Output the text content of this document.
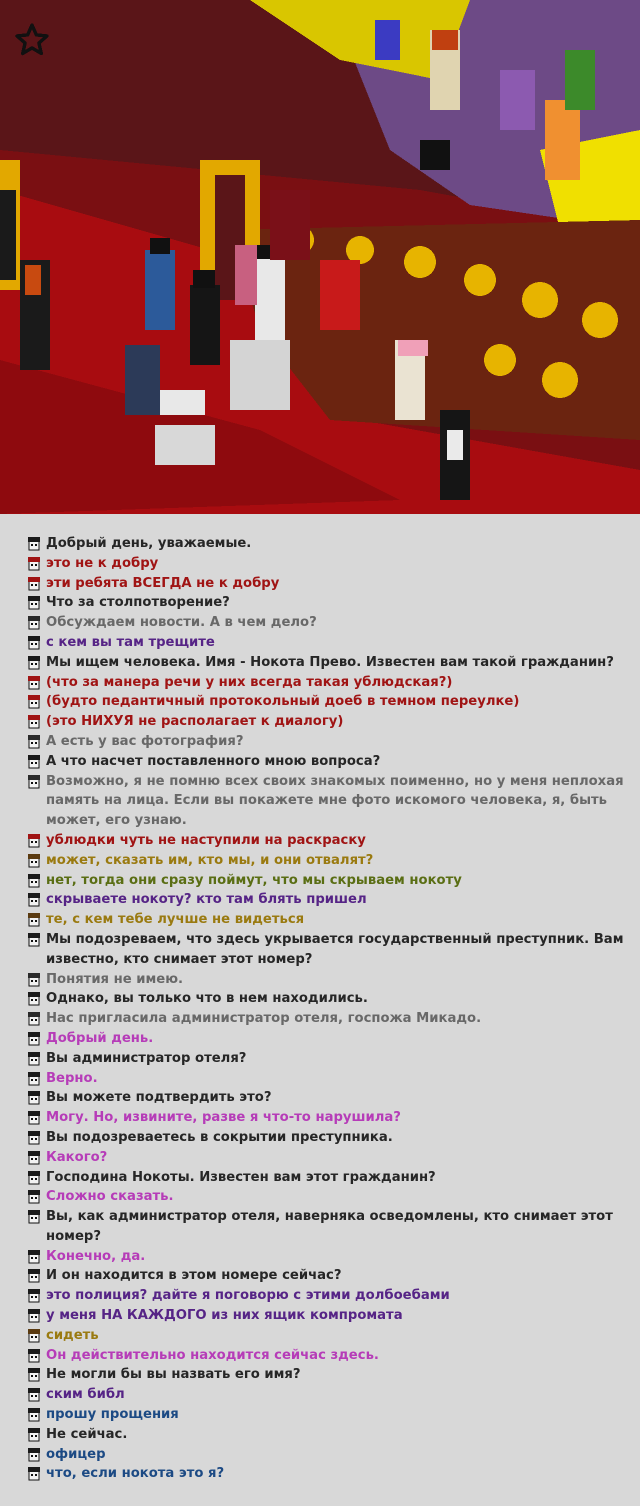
Добрый день, уважаемые.
это не к добру
эти ребята ВСЕГДА не к добру
Что за столпотворение?
Обсуждаем новости. А в чем дело?
с кем вы там трещите
Мы ищем человека. Имя - Нокота Прево. Известен вам такой гражданин?
(что за манера речи у них всегда такая ублюдская?)
(будто педантичный протокольный доеб в темном переулке)
(это НИХУЯ не располагает к диалогу)
А есть у вас фотография?
А что насчет поставленного мною вопроса?
Возможно, я не помню всех своих знакомых поименно, но у меня неплохая память на лица. Если вы покажете мне фото искомого человека, я, быть может, его узнаю.
ублюдки чуть не наступили на раскраску
может, сказать им, кто мы, и они отвалят?
нет, тогда они сразу поймут, что мы скрываем нокоту
скрываете нокоту? кто там блять пришел
те, с кем тебе лучше не видеться
Мы подозреваем, что здесь укрывается государственный преступник. Вам известно, кто снимает этот номер?
Понятия не имею.
Однако, вы только что в нем находились.
Нас пригласила администратор отеля, госпожа Микадо.
Добрый день.
Вы администратор отеля?
Верно.
Вы можете подтвердить это?
Могу. Но, извините, разве я что-то нарушила?
Вы подозреваетесь в сокрытии преступника.
Какого?
Господина Нокоты. Известен вам этот гражданин?
Сложно сказать.
Вы, как администратор отеля, наверняка осведомлены, кто снимает этот номер?
Конечно, да.
И он находится в этом номере сейчас?
это полиция? дайте я поговорю с этими долбоебами
у меня НА КАЖДОГО из них ящик компромата
сидеть
Он действительно находится сейчас здесь.
Не могли бы вы назвать его имя?
ским библ
прошу прощения
Не сейчас.
офицер
что, если нокота это я?
